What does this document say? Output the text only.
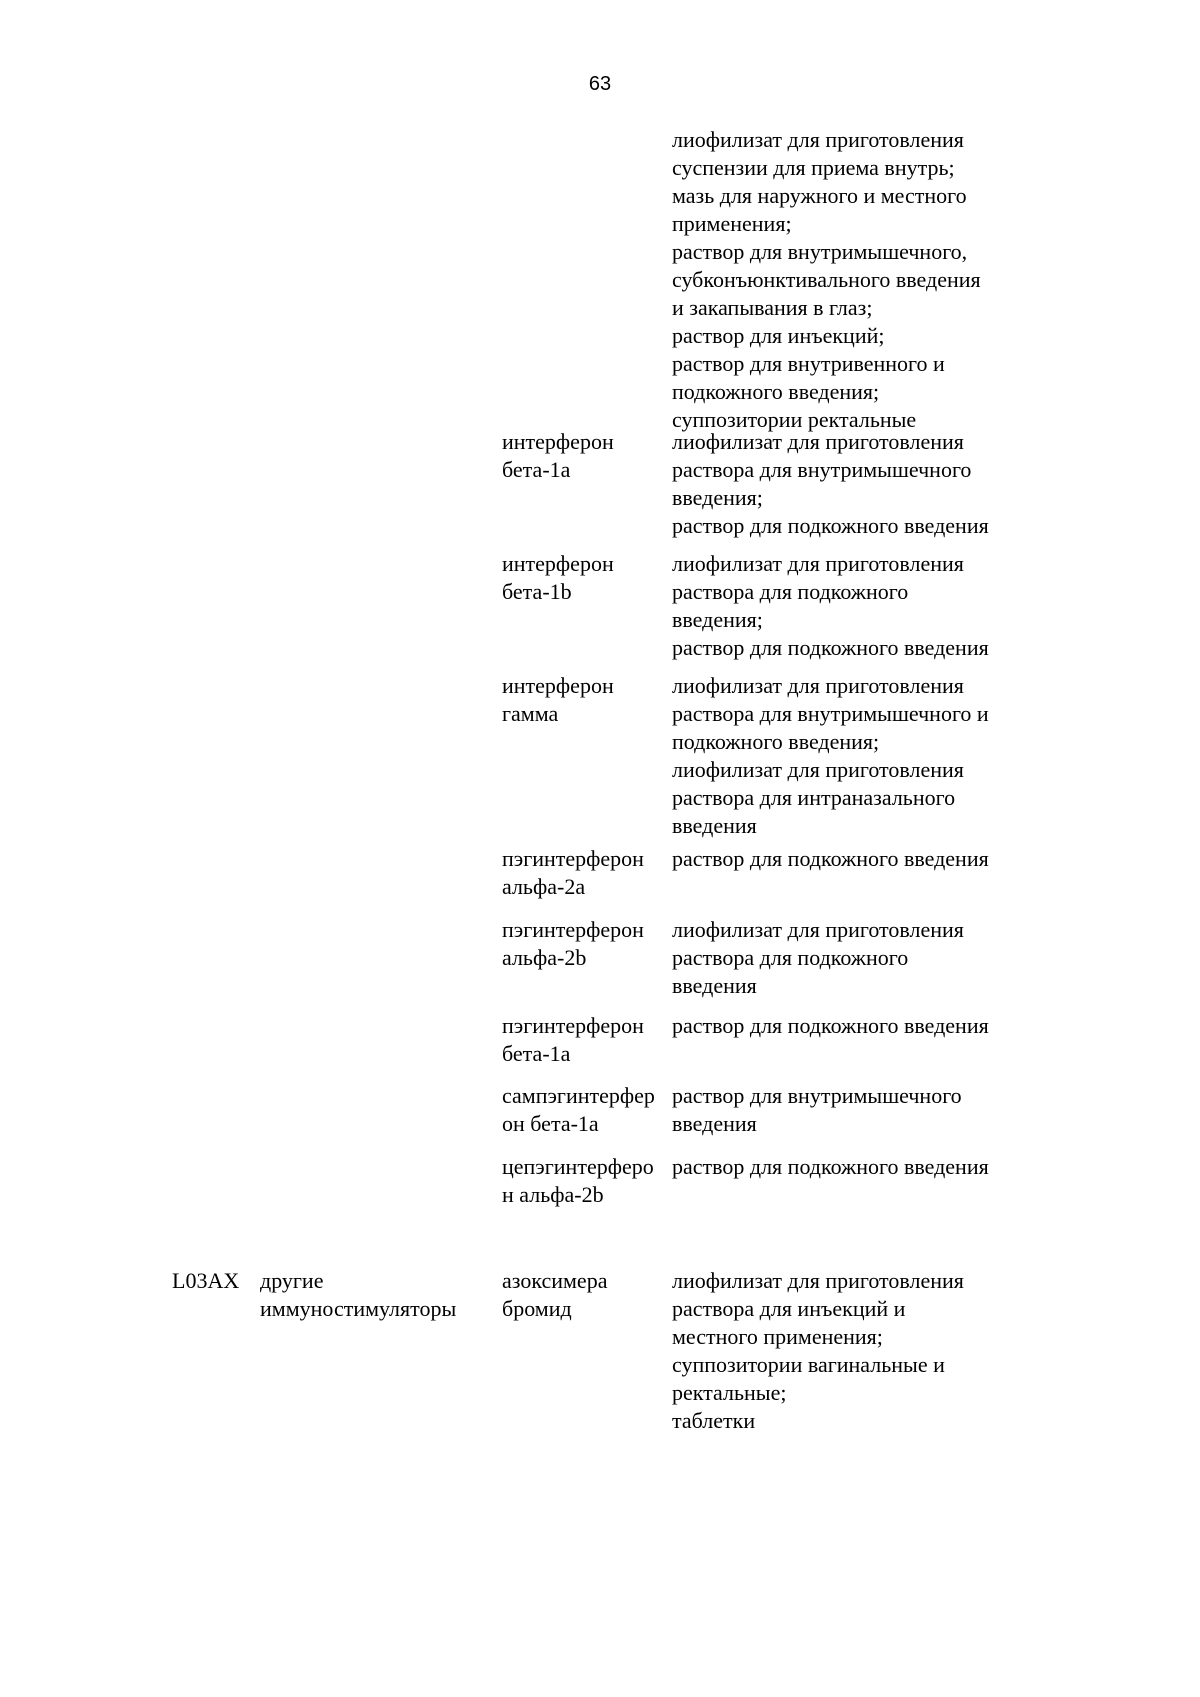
63
лиофилизат для приготовления
суспензии для приема внутрь;
мазь для наружного и местного
применения;
раствор для внутримышечного,
субконъюнктивального введения
и закапывания в глаз;
раствор для инъекций;
раствор для внутривенного и
подкожного введения;
суппозитории ректальные
интерферон
бета-1a
лиофилизат для приготовления
раствора для внутримышечного
введения;
раствор для подкожного введения
интерферон
бета-1b
лиофилизат для приготовления
раствора для подкожного
введения;
раствор для подкожного введения
интерферон
гамма
лиофилизат для приготовления
раствора для внутримышечного и
подкожного введения;
лиофилизат для приготовления
раствора для интраназального
введения
пэгинтерферон
альфа-2a
раствор для подкожного введения
пэгинтерферон
альфа-2b
лиофилизат для приготовления
раствора для подкожного
введения
пэгинтерферон
бета-1a
раствор для подкожного введения
сампэгинтерфер
он бета-1a
раствор для внутримышечного
введения
цепэгинтерферо
н альфа-2b
раствор для подкожного введения
L03AX другие
иммуностимуляторы
азоксимера
бромид
лиофилизат для приготовления
раствора для инъекций и
местного применения;
суппозитории вагинальные и
ректальные;
таблетки
